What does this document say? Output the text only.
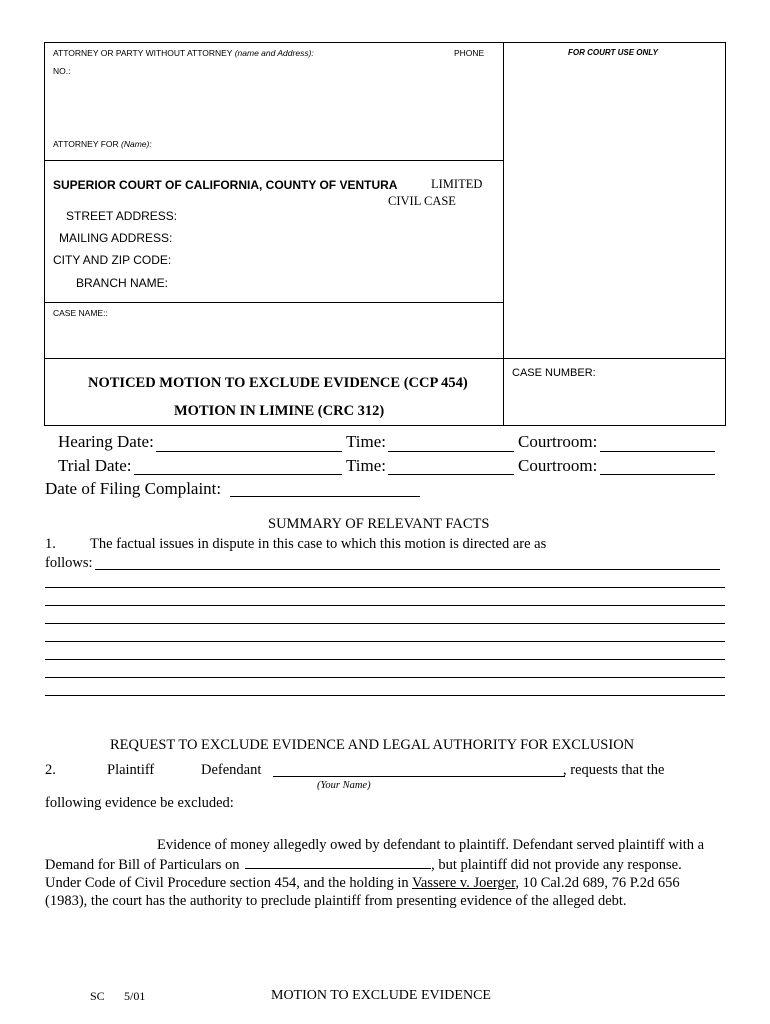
ATTORNEY OR PARTY WITHOUT ATTORNEY (name and Address):	PHONE	FOR COURT USE ONLY
NO.:
ATTORNEY FOR (Name):
SUPERIOR COURT OF CALIFORNIA, COUNTY OF VENTURA	LIMITED
CIVIL CASE
STREET ADDRESS:
MAILING ADDRESS:
CITY AND ZIP CODE:
BRANCH NAME:
CASE NAME::
CASE NUMBER:
NOTICED MOTION TO EXCLUDE EVIDENCE (CCP 454)
MOTION IN LIMINE (CRC 312)
Hearing Date:	Time:	Courtroom:
Trial Date:	Time:	Courtroom:
Date of Filing Complaint:
SUMMARY OF RELEVANT FACTS
1. The factual issues in dispute in this case to which this motion is directed are as
follows:
REQUEST TO EXCLUDE EVIDENCE AND LEGAL AUTHORITY FOR EXCLUSION
2.	Plaintiff	Defendant	, requests that the
(Your Name)
following evidence be excluded:
Evidence of money allegedly owed by defendant to plaintiff. Defendant served plaintiff with a
Demand for Bill of Particulars on	, but plaintiff did not provide any response.
Under Code of Civil Procedure section 454, and the holding in Vassere v. Joerger, 10 Cal.2d 689, 76 P.2d 656
(1983), the court has the authority to preclude plaintiff from presenting evidence of the alleged debt.
SC 5/01	MOTION TO EXCLUDE EVIDENCE
